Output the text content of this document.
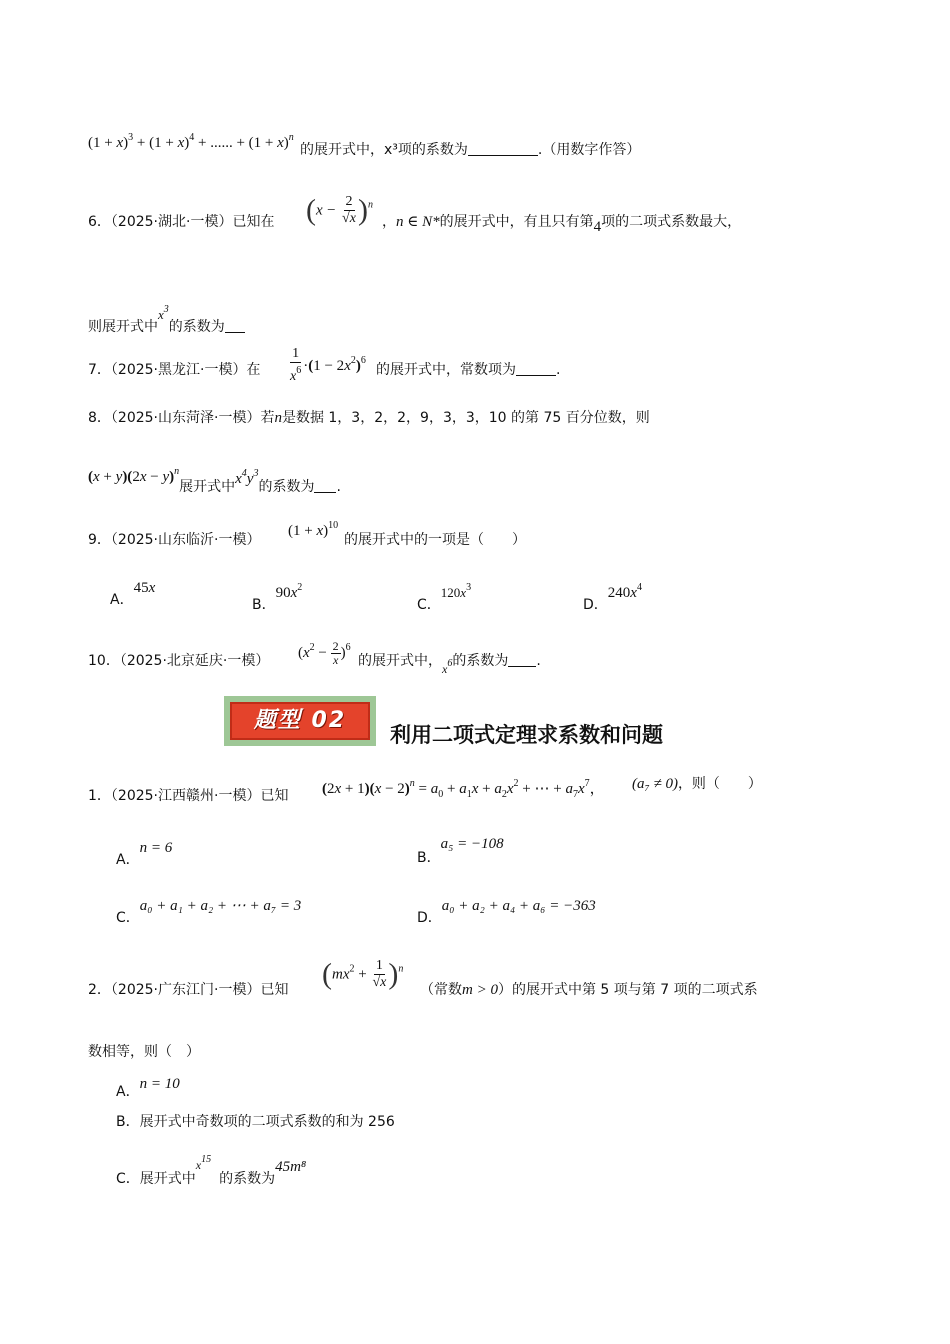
$(1 + x)^3 + (1 + x)^4$ + ...... + $(1 + x)^n$
的展开式中，x³项的系数为	.（用数字作答）
6．（2025·湖北·一模）已知在 $(x - \frac{2}{√x} )^n$
，n ∈ N*的展开式中，有且只有第4项的二项式系数最大，
则展开式中$x^3$的系数为
7．（2025·黑龙江·一模）在 $\frac{1}{x^6} \cdot(1 - 2x^2)^6$
的展开式中，常数项为	.
8．（2025·山东菏泽·一模）若n是数据 1，3，2，2，9，3，3，10 的第 75 百分位数，则
$(x + y)(2x - y)^n$展开式中$x^4y^3$的系数为 .
9．（2025·山东临沂·一模）
$(1 + x)^{10}$
的展开式中的一项是（　　）
A．45x
B．$90x^2$
C．$120x^3$
D．$240x^4$
10．（2025·北京延庆·一模） $(x^2 - \frac{2}{x} )^6$
的展开式中，$x^6$的系数为 .
题型 02
利用二项式定理求系数和问题
1．（2025·江西赣州·一模）已知 $(2x + 1)(x - 2)^n = a_0 + a_1x + a_2x^2$ + ⋯ + $a_7x^7$， (a₇ ≠ 0)，则（　　）
A．n = 6
B．a₅ = −108
C．a₀ + a₁ + a₂ + ⋯ + a₇ = 3
D．a₀ + a₂ + a₄ + a₆ = −363
2．（2025·广东江门·一模）已知 $(mx^2 + \frac{1}{√x} )^n$
（常数m > 0）的展开式中第 5 项与第 7 项的二项式系
数相等，则（　）
A．n = 10
B．展开式中奇数项的二项式系数的和为 256
C．展开式中$x^{15}$的系数为45m⁸
